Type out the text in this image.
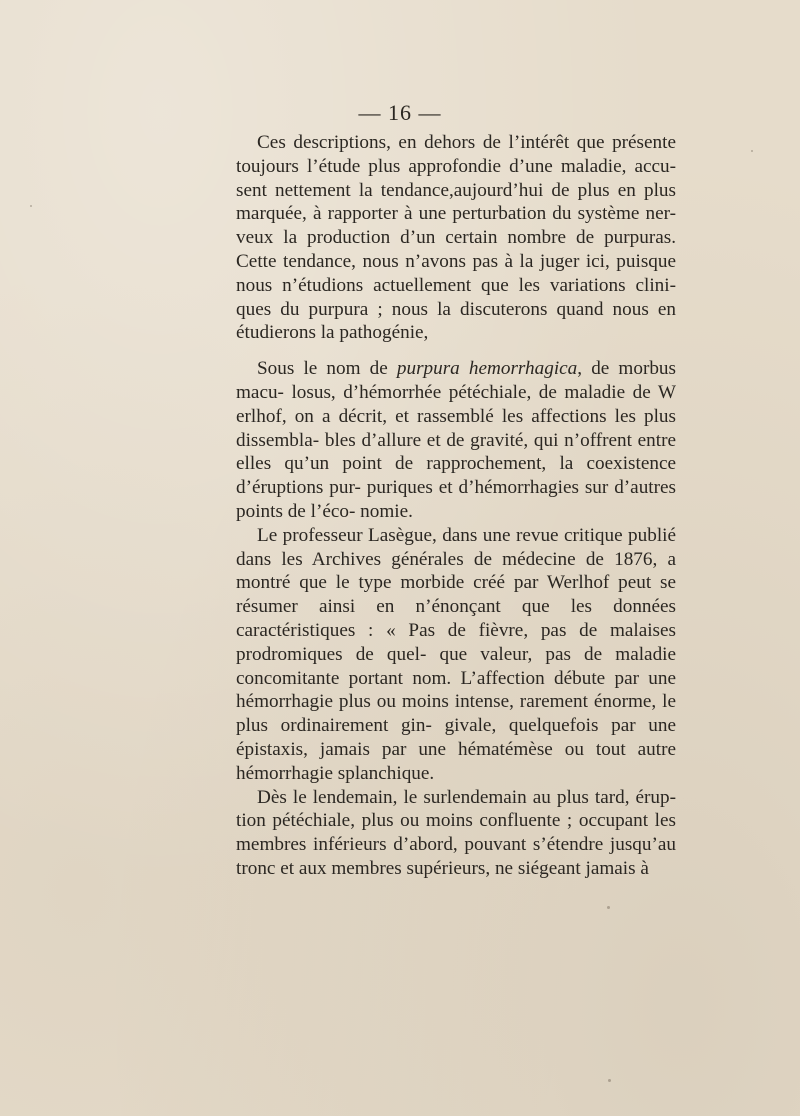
— 16 —

Ces descriptions, en dehors de l’intérêt que présente toujours l’étude plus approfondie d’une maladie, accu- sent nettement la tendance,aujourd’hui de plus en plus marquée, à rapporter à une perturbation du système ner- veux la production d’un certain nombre de purpuras. Cette tendance, nous n’avons pas à la juger ici, puisque nous n’étudions actuellement que les variations clini- ques du purpura ; nous la discuterons quand nous en étudierons la pathogénie,

Sous le nom de purpura hemorrhagica, de morbus macu- losus, d’hémorrhée pétéchiale, de maladie de W erlhof, on a décrit, et rassemblé les affections les plus dissembla- bles d’allure et de gravité, qui n’offrent entre elles qu’un point de rapprochement, la coexistence d’éruptions pur- puriques et d’hémorrhagies sur d’autres points de l’éco- nomie.

Le professeur Lasègue, dans une revue critique publié dans les Archives générales de médecine de 1876, a montré que le type morbide créé par Werlhof peut se résumer ainsi en n’énonçant que les données caractéristiques : « Pas de fièvre, pas de malaises prodromiques de quel- que valeur, pas de maladie concomitante portant nom. L’affection débute par une hémorrhagie plus ou moins intense, rarement énorme, le plus ordinairement gin- givale, quelquefois par une épistaxis, jamais par une hématémèse ou tout autre hémorrhagie splanchique.

Dès le lendemain, le surlendemain au plus tard, érup- tion pétéchiale, plus ou moins confluente ; occupant les membres inférieurs d’abord, pouvant s’étendre jusqu’au tronc et aux membres supérieurs, ne siégeant jamais à
